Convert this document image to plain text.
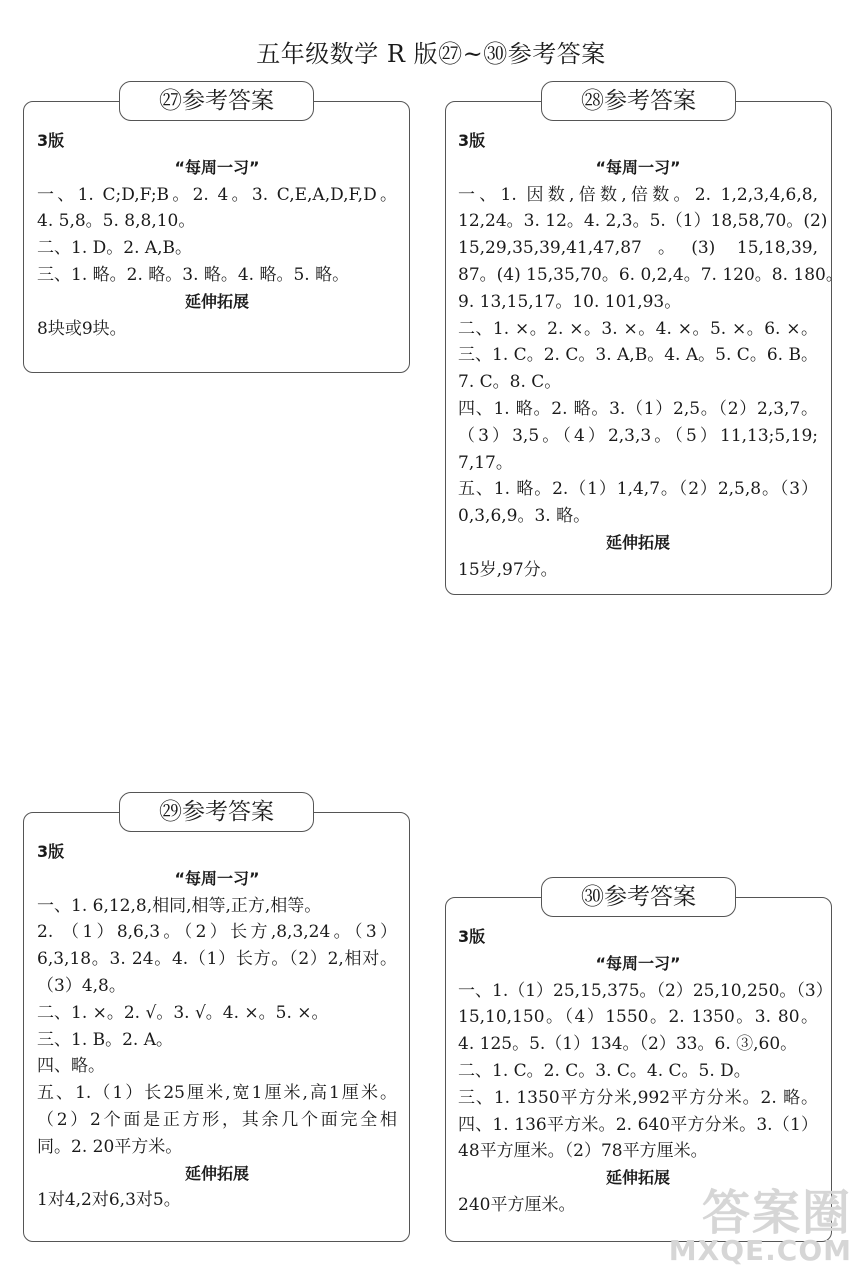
五年级数学 R 版㉗~㉚参考答案
㉗参考答案
3版
“每周一习”
一、1. C;D,F;B。2. 4。3. C,E,A,D,F,D。
4. 5,8。5. 8,8,10。
二、1. D。2. A,B。
三、1. 略。2. 略。3. 略。4. 略。5. 略。
延伸拓展
8块或9块。
㉘参考答案
3版
“每周一习”
一、1. 因数,倍数,倍数。2. 1,2,3,4,6,8,
12,24。3. 12。4. 2,3。5.（1）18,58,70。(2)
15,29,35,39,41,47,87。(3) 15,18,39,
87。(4) 15,35,70。6. 0,2,4。7. 120。8. 180。
9. 13,15,17。10. 101,93。
二、1. ×。2. ×。3. ×。4. ×。5. ×。6. ×。
三、1. C。2. C。3. A,B。4. A。5. C。6. B。
7. C。8. C。
四、1. 略。2. 略。3.（1）2,5。（2）2,3,7。
（3）3,5。（4）2,3,3。（5）11,13;5,19;
7,17。
五、1. 略。2.（1）1,4,7。（2）2,5,8。（3）
0,3,6,9。3. 略。
延伸拓展
15岁,97分。
㉙参考答案
3版
“每周一习”
一、1. 6,12,8,相同,相等,正方,相等。
2. （1）8,6,3。（2）长方,8,3,24。（3）
6,3,18。3. 24。4.（1）长方。（2）2,相对。
（3）4,8。
二、1. ×。2. √。3. √。4. ×。5. ×。
三、1. B。2. A。
四、略。
五、1.（1）长25厘米,宽1厘米,高1厘米。
（2）2个面是正方形，其余几个面完全相
同。2. 20平方米。
延伸拓展
1对4,2对6,3对5。
㉚参考答案
3版
“每周一习”
一、1.（1）25,15,375。（2）25,10,250。（3）
15,10,150。（4）1550。2. 1350。3. 80。
4. 125。5.（1）134。（2）33。6. ③,60。
二、1. C。2. C。3. C。4. C。5. D。
三、1. 1350平方分米,992平方分米。2. 略。
四、1. 136平方米。2. 640平方分米。3.（1）
48平方厘米。（2）78平方厘米。
延伸拓展
240平方厘米。	答案圈
MXQE.COM
